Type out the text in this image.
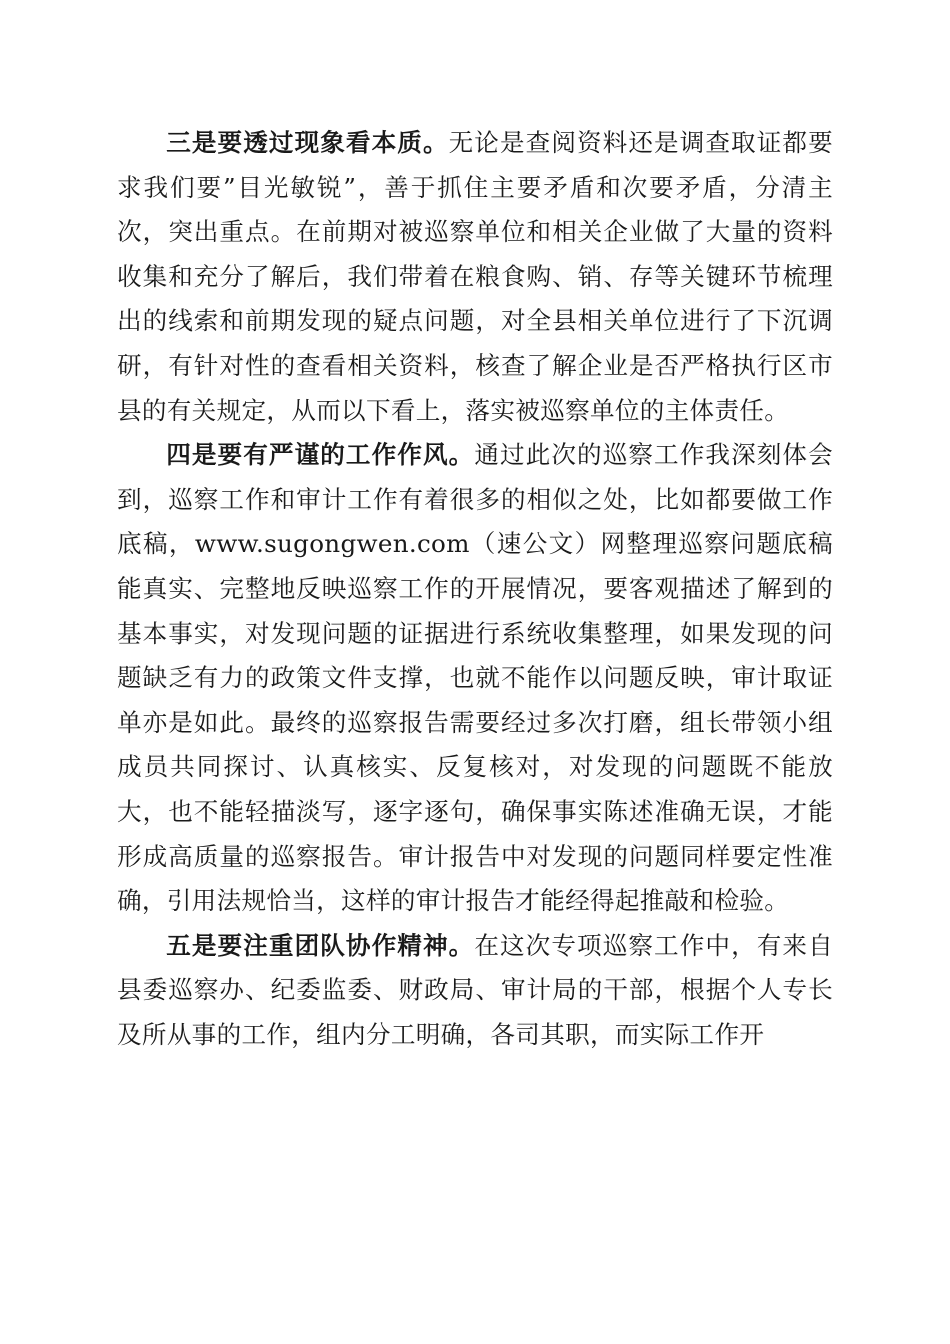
三是要透过现象看本质。无论是查阅资料还是调查取证都要求我们要”目光敏锐”，善于抓住主要矛盾和次要矛盾，分清主次，突出重点。在前期对被巡察单位和相关企业做了大量的资料收集和充分了解后，我们带着在粮食购、销、存等关键环节梳理出的线索和前期发现的疑点问题，对全县相关单位进行了下沉调研，有针对性的查看相关资料，核查了解企业是否严格执行区市县的有关规定，从而以下看上，落实被巡察单位的主体责任。

四是要有严谨的工作作风。通过此次的巡察工作我深刻体会到，巡察工作和审计工作有着很多的相似之处，比如都要做工作底稿，www.sugongwen.com（速公文）网整理巡察问题底稿能真实、完整地反映巡察工作的开展情况，要客观描述了解到的基本事实，对发现问题的证据进行系统收集整理，如果发现的问题缺乏有力的政策文件支撑，也就不能作以问题反映，审计取证单亦是如此。最终的巡察报告需要经过多次打磨，组长带领小组成员共同探讨、认真核实、反复核对，对发现的问题既不能放大，也不能轻描淡写，逐字逐句，确保事实陈述准确无误，才能形成高质量的巡察报告。审计报告中对发现的问题同样要定性准确，引用法规恰当，这样的审计报告才能经得起推敲和检验。

五是要注重团队协作精神。在这次专项巡察工作中，有来自县委巡察办、纪委监委、财政局、审计局的干部，根据个人专长及所从事的工作，组内分工明确，各司其职，而实际工作开
